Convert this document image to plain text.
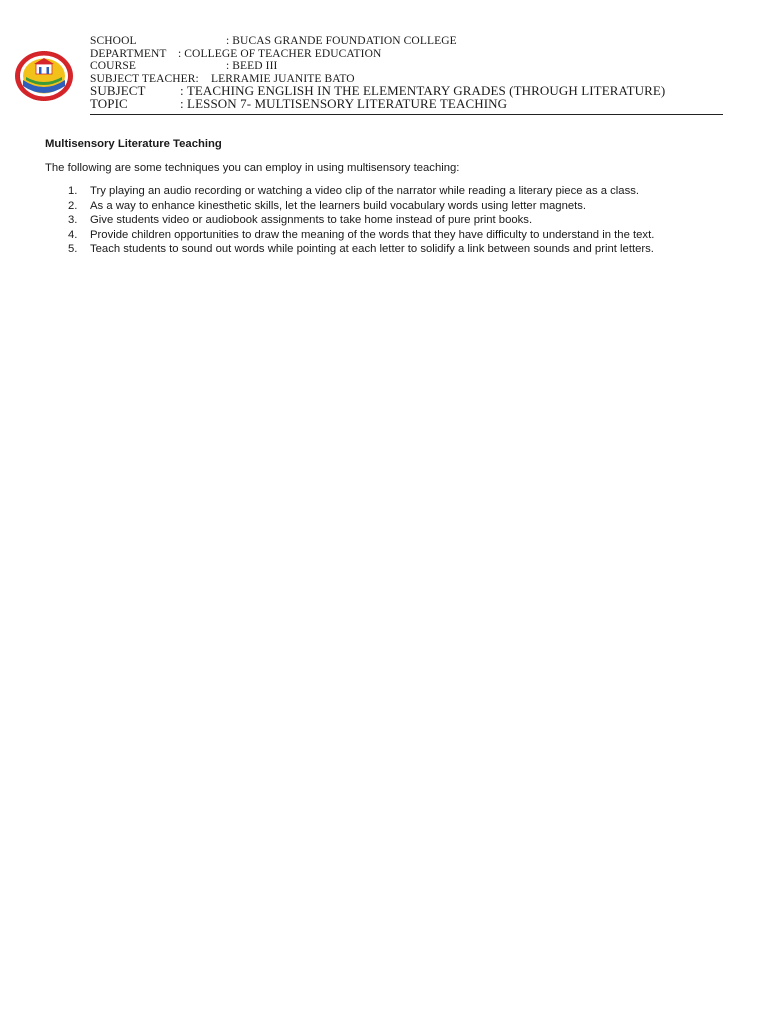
SCHOOL	: BUCAS GRANDE FOUNDATION COLLEGE
DEPARTMENT : COLLEGE OF TEACHER EDUCATION
COURSE	: BEED III
SUBJECT TEACHER: LERRAMIE JUANITE BATO
SUBJECT	: TEACHING ENGLISH IN THE ELEMENTARY GRADES (THROUGH LITERATURE)
TOPIC	: LESSON 7- MULTISENSORY LITERATURE TEACHING

Multisensory Literature Teaching

The following are some techniques you can employ in using multisensory teaching:

1. Try playing an audio recording or watching a video clip of the narrator while reading a literary piece as a class.
2. As a way to enhance kinesthetic skills, let the learners build vocabulary words using letter magnets.
3. Give students video or audiobook assignments to take home instead of pure print books.
4. Provide children opportunities to draw the meaning of the words that they have difficulty to understand in the text.
5. Teach students to sound out words while pointing at each letter to solidify a link between sounds and print letters.
